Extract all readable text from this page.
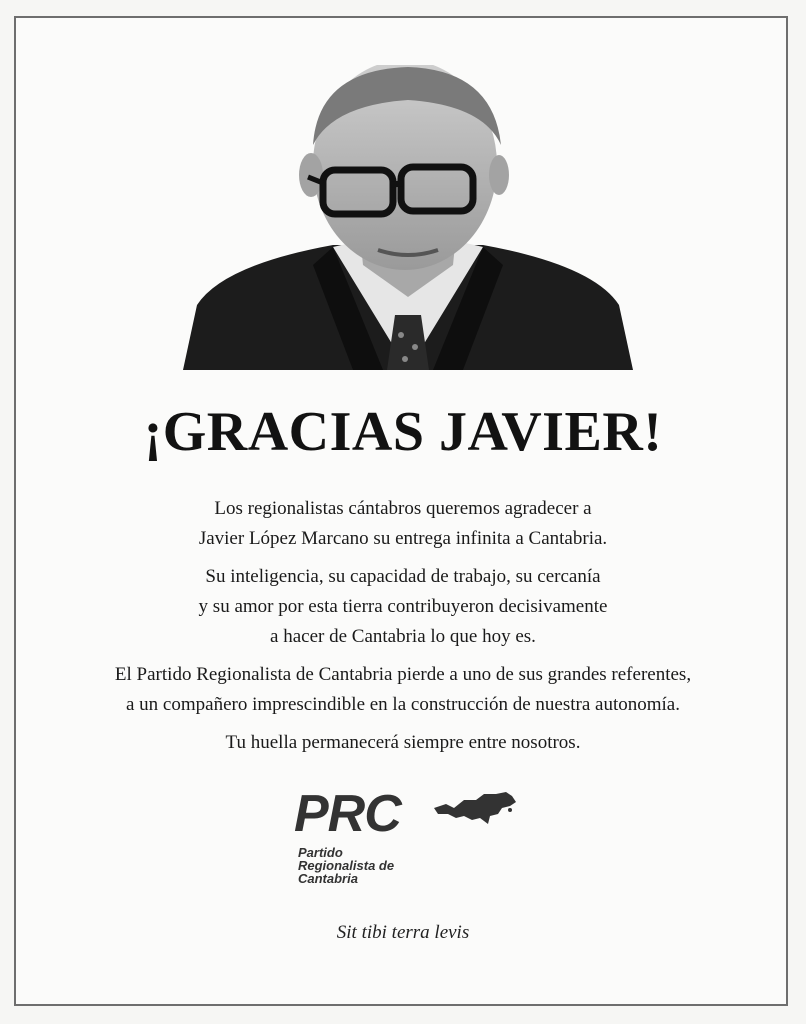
¡GRACIAS JAVIER!

Los regionalistas cántabros queremos agradecer a
Javier López Marcano su entrega infinita a Cantabria.

Su inteligencia, su capacidad de trabajo, su cercanía
y su amor por esta tierra contribuyeron decisivamente
a hacer de Cantabria lo que hoy es.

El Partido Regionalista de Cantabria pierde a uno de sus grandes referentes,
a un compañero imprescindible en la construcción de nuestra autonomía.

Tu huella permanecerá siempre entre nosotros.

PRC
Partido
Regionalista de
Cantabria
Sit tibi terra levis
